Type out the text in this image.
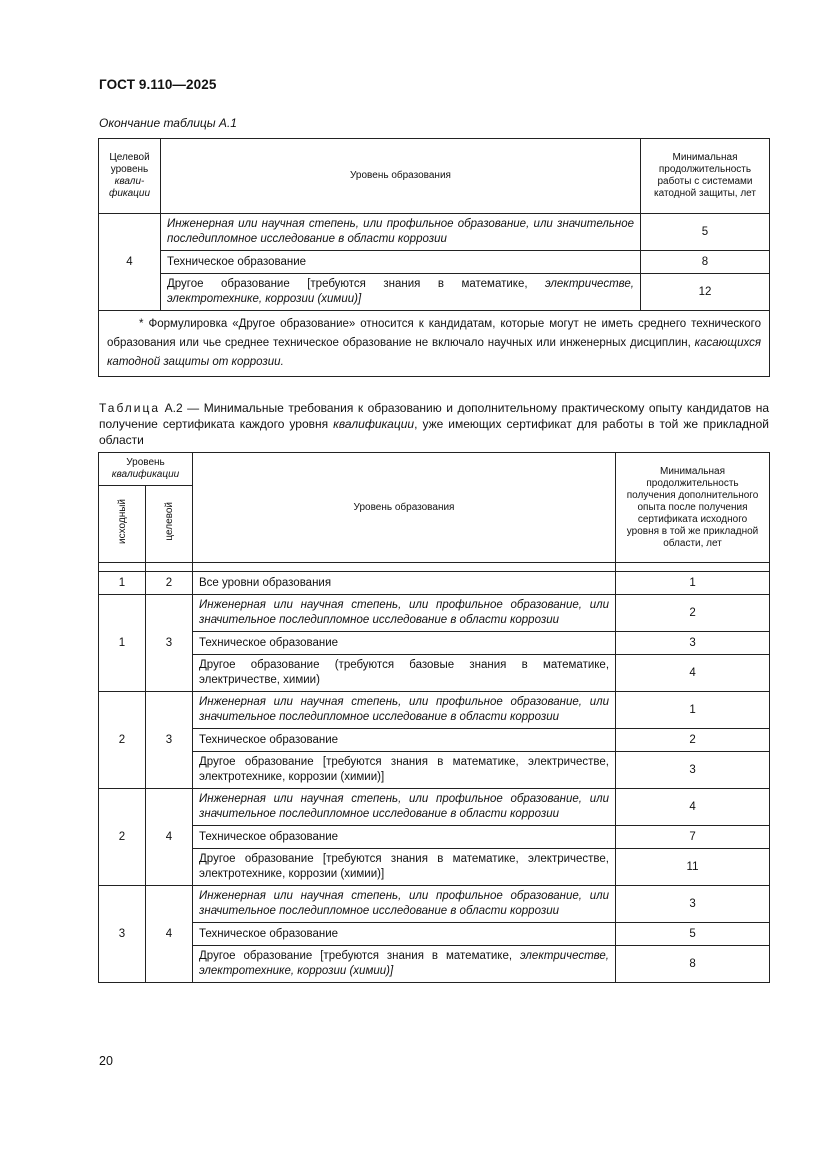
ГОСТ 9.110—2025
Окончание таблицы А.1
Целевой
уровень
квали-
фикации	Уровень образования	Минимальная продолжительность работы с системами катодной защиты, лет
4	Инженерная или научная степень, или профильное образование, или значительное последипломное исследование в области коррозии	5
	Техническое образование	8
	Другое образование [требуются знания в математике, электричестве, электротехнике, коррозии (химии)]	12
* Формулировка «Другое образование» относится к кандидатам, которые могут не иметь среднего технического образования или чье среднее техническое образование не включало научных или инженерных дисциплин, касающихся катодной защиты от коррозии.		
Таблица А.2 — Минимальные требования к образованию и дополнительному практическому опыту кандидатов на получение сертификата каждого уровня квалификации, уже имеющих сертификат для работы в той же прикладной области
Уровень
квалификации		Уровень образования	Минимальная продолжительность получения дополнительного опыта после получения сертификата исходного уровня в той же прикладной области, лет
исходный	целевой		

1	2	Все уровни образования	1
1	3	Инженерная или научная степень, или профильное образование, или значительное последипломное исследование в области коррозии	2
		Техническое образование	3
		Другое образование (требуются базовые знания в математике, электричестве, химии)	4
2	3	Инженерная или научная степень, или профильное образование, или значительное последипломное исследование в области коррозии	1
		Техническое образование	2
		Другое образование [требуются знания в математике, электричестве, электротехнике, коррозии (химии)]	3
2	4	Инженерная или научная степень, или профильное образование, или значительное последипломное исследование в области коррозии	4
		Техническое образование	7
		Другое образование [требуются знания в математике, электричестве, электротехнике, коррозии (химии)]	11
3	4	Инженерная или научная степень, или профильное образование, или значительное последипломное исследование в области коррозии	3
		Техническое образование	5
		Другое образование [требуются знания в математике, электричестве, электротехнике, коррозии (химии)]	8
20
